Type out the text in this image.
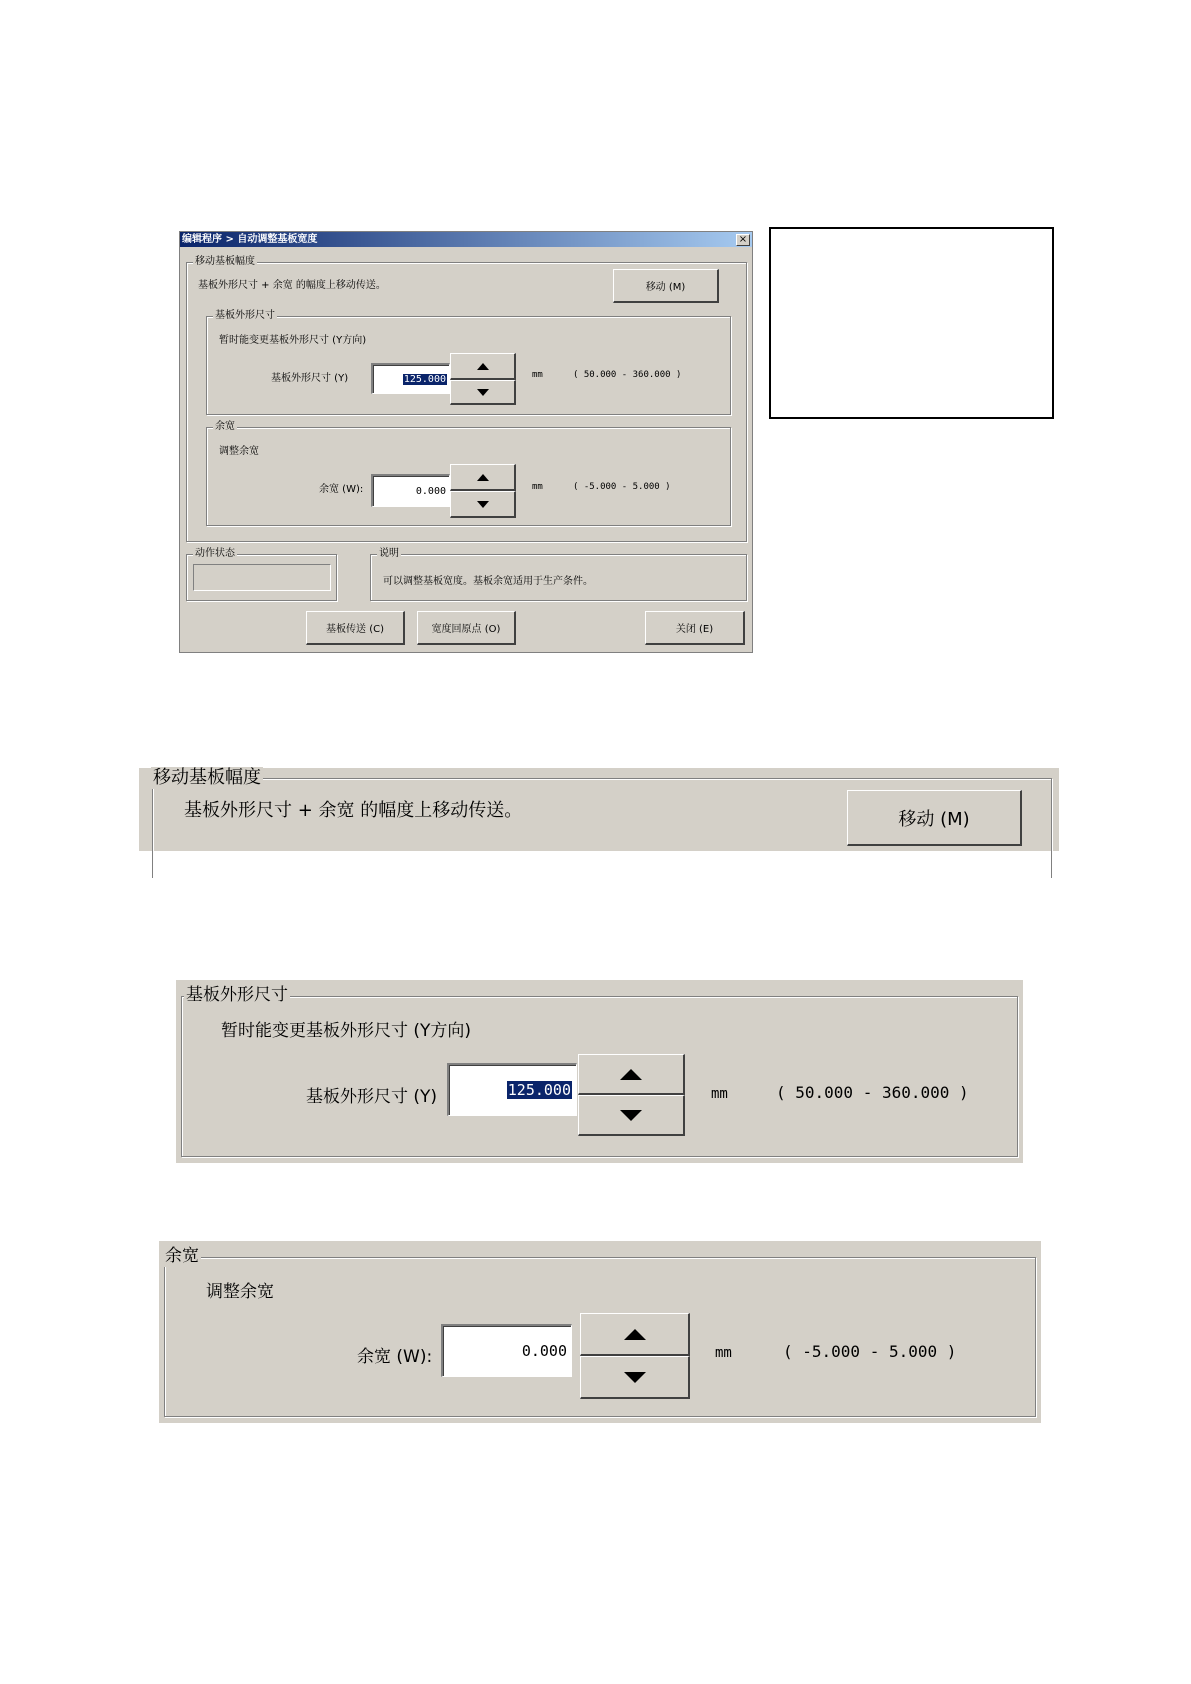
编辑程序 > 自动调整基板宽度	×
移动基板幅度
基板外形尺寸 + 余宽 的幅度上移动传送。	移动 (M)
基板外形尺寸
暂时能变更基板外形尺寸 (Y方向)
基板外形尺寸 (Y)	125.000	mm	( 50.000 - 360.000 )
余宽
调整余宽
余宽 (W):	0.000	mm	( -5.000 - 5.000 )
动作状态	说明
可以调整基板宽度。基板余宽适用于生产条件。
基板传送 (C)	宽度回原点 (O)	关闭 (E)
移动基板幅度
基板外形尺寸 + 余宽 的幅度上移动传送。	移动 (M)
基板外形尺寸
暂时能变更基板外形尺寸 (Y方向)
基板外形尺寸 (Y)	125.000	mm	( 50.000 - 360.000 )
余宽
调整余宽
余宽 (W):	0.000	mm	( -5.000 - 5.000 )
